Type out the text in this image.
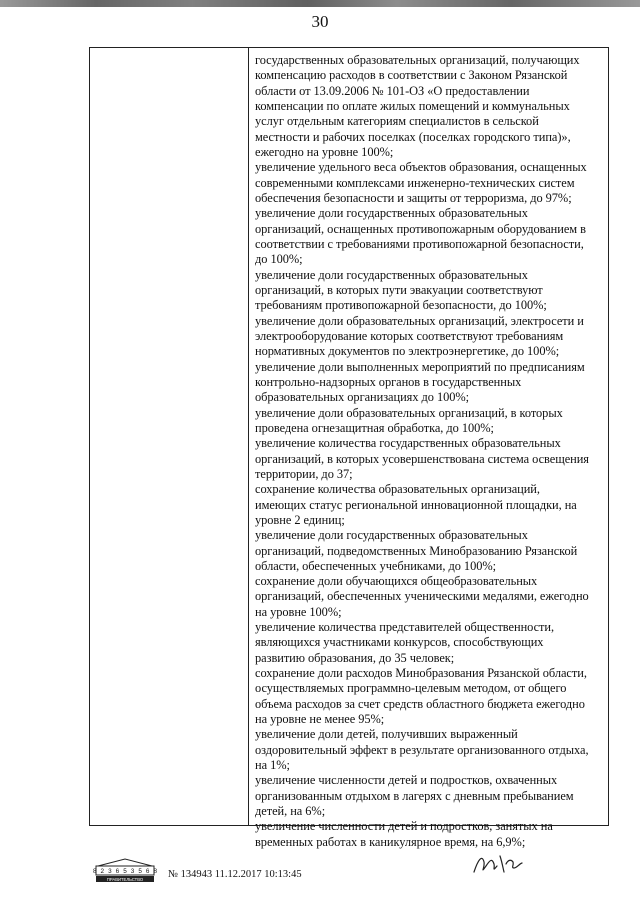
30
государственных образовательных организаций, получающих
компенсацию расходов в соответствии с Законом Рязанской
области от 13.09.2006 № 101-ОЗ «О предоставлении
компенсации по оплате жилых помещений и коммунальных
услуг отдельным категориям специалистов в сельской
местности и рабочих поселках (поселках городского типа)»,
ежегодно на уровне 100%;
увеличение удельного веса объектов образования, оснащенных
современными комплексами инженерно-технических систем
обеспечения безопасности и защиты от терроризма, до 97%;
увеличение доли государственных образовательных
организаций, оснащенных противопожарным оборудованием в
соответствии с требованиями противопожарной безопасности,
до 100%;
увеличение доли государственных образовательных
организаций, в которых пути эвакуации соответствуют
требованиям противопожарной безопасности, до 100%;
увеличение доли образовательных организаций, электросети и
электрооборудование которых соответствуют требованиям
нормативных документов по электроэнергетике, до 100%;
увеличение доли выполненных мероприятий по предписаниям
контрольно-надзорных органов в государственных
образовательных организациях до 100%;
увеличение доли образовательных организаций, в которых
проведена огнезащитная обработка, до 100%;
увеличение количества государственных образовательных
организаций, в которых усовершенствована система освещения
территории, до 37;
сохранение количества образовательных организаций,
имеющих статус региональной инновационной площадки, на
уровне 2 единиц;
увеличение доли государственных образовательных
организаций, подведомственных Минобразованию Рязанской
области, обеспеченных учебниками, до 100%;
сохранение доли обучающихся общеобразовательных
организаций, обеспеченных ученическими медалями, ежегодно
на уровне 100%;
увеличение количества представителей общественности,
являющихся участниками конкурсов, способствующих
развитию образования, до 35 человек;
сохранение доли расходов Минобразования Рязанской области,
осуществляемых программно-целевым методом, от общего
объема расходов за счет средств областного бюджета ежегодно
на уровне не менее 95%;
увеличение доли детей, получивших выраженный
оздоровительный эффект в результате организованного отдыха,
на 1%;
увеличение численности детей и подростков, охваченных
организованным отдыхом в лагерях с дневным пребыванием
детей, на 6%;
увеличение численности детей и подростков, занятых на
временных работах в каникулярное время, на 6,9%;
8 2 3 6 5 3 5 6 8
ПРАВИТЕЛЬСТВО № 134943 11.12.2017 10:13:45
